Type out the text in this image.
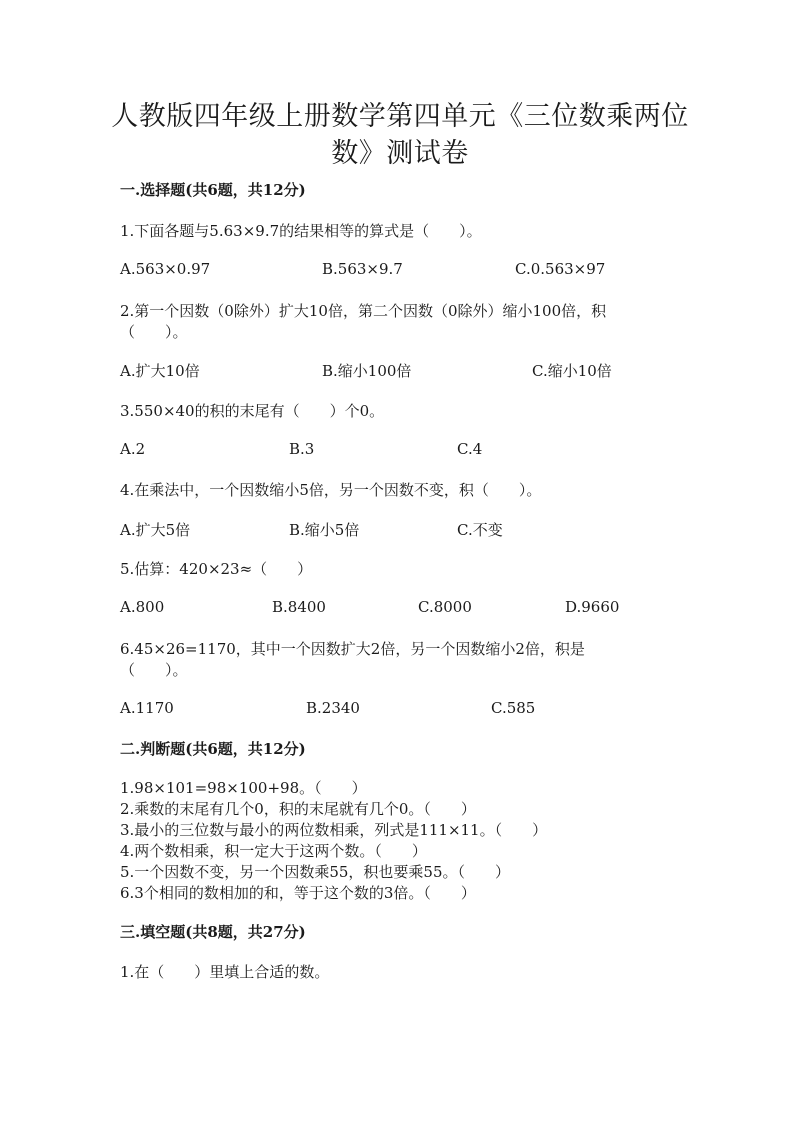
人教版四年级上册数学第四单元《三位数乘两位
数》测试卷
一.选择题(共6题，共12分)
1.下面各题与5.63×9.7的结果相等的算式是（　　）。
A.563×0.97	B.563×9.7	C.0.563×97
2.第一个因数（0除外）扩大10倍，第二个因数（0除外）缩小100倍，积
（　　）。
A.扩大10倍	B.缩小100倍	C.缩小10倍
3.550×40的积的末尾有（　　）个0。
A.2	B.3	C.4
4.在乘法中，一个因数缩小5倍，另一个因数不变，积（　　）。
A.扩大5倍	B.缩小5倍	C.不变
5.估算：420×23≈（　　）
A.800	B.8400	C.8000	D.9660
6.45×26=1170，其中一个因数扩大2倍，另一个因数缩小2倍，积是
（　　）。
A.1170	B.2340	C.585
二.判断题(共6题，共12分)
1.98×101=98×100+98。（　　）
2.乘数的末尾有几个0，积的末尾就有几个0。（　　）
3.最小的三位数与最小的两位数相乘，列式是111×11。（　　）
4.两个数相乘，积一定大于这两个数。（　　）
5.一个因数不变，另一个因数乘55，积也要乘55。（　　）
6.3个相同的数相加的和，等于这个数的3倍。（　　）
三.填空题(共8题，共27分)
1.在（　　）里填上合适的数。
